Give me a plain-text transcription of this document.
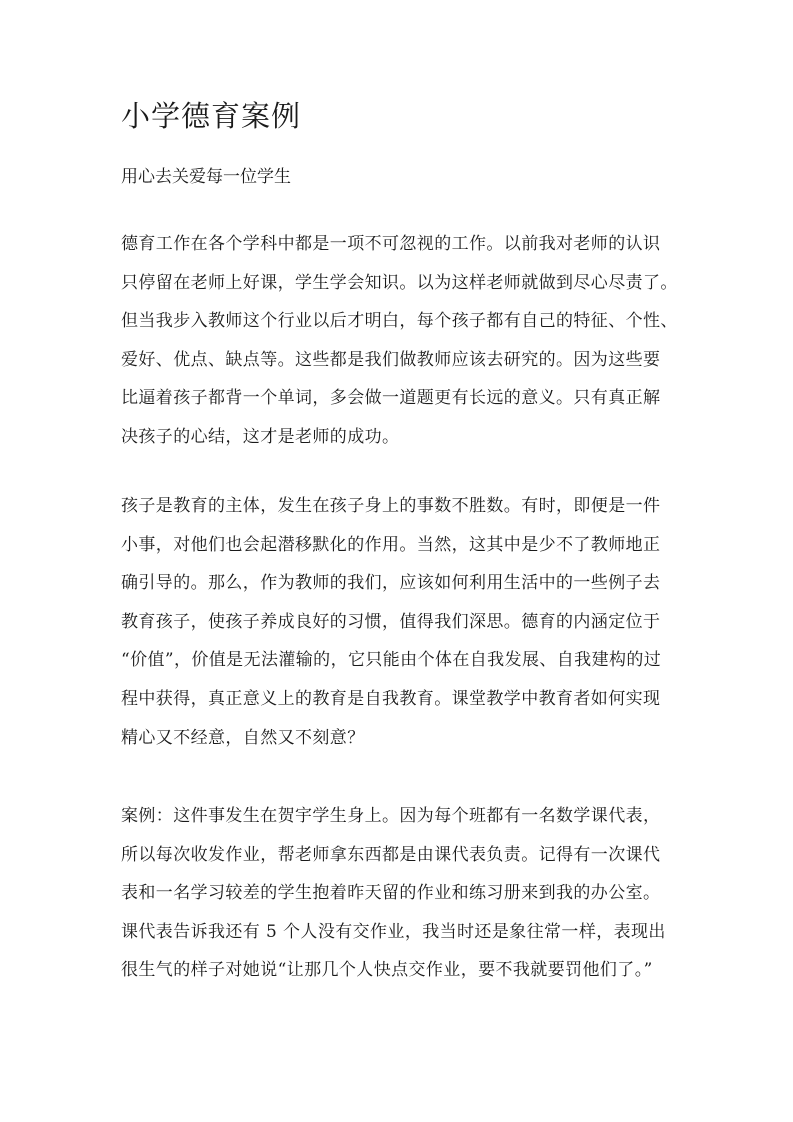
小学德育案例

用心去关爱每一位学生

德育工作在各个学科中都是一项不可忽视的工作。以前我对老师的认识
只停留在老师上好课，学生学会知识。以为这样老师就做到尽心尽责了。
但当我步入教师这个行业以后才明白，每个孩子都有自己的特征、个性、
爱好、优点、缺点等。这些都是我们做教师应该去研究的。因为这些要
比逼着孩子都背一个单词，多会做一道题更有长远的意义。只有真正解
决孩子的心结，这才是老师的成功。
孩子是教育的主体，发生在孩子身上的事数不胜数。有时，即便是一件
小事，对他们也会起潜移默化的作用。当然，这其中是少不了教师地正
确引导的。那么，作为教师的我们，应该如何利用生活中的一些例子去
教育孩子，使孩子养成良好的习惯，值得我们深思。德育的内涵定位于
“价值”，价值是无法灌输的，它只能由个体在自我发展、自我建构的过
程中获得，真正意义上的教育是自我教育。课堂教学中教育者如何实现
精心又不经意，自然又不刻意？
案例：这件事发生在贺宇学生身上。因为每个班都有一名数学课代表，
所以每次收发作业，帮老师拿东西都是由课代表负责。记得有一次课代
表和一名学习较差的学生抱着昨天留的作业和练习册来到我的办公室。
课代表告诉我还有 5 个人没有交作业，我当时还是象往常一样，表现出
很生气的样子对她说“让那几个人快点交作业，要不我就要罚他们了。”
